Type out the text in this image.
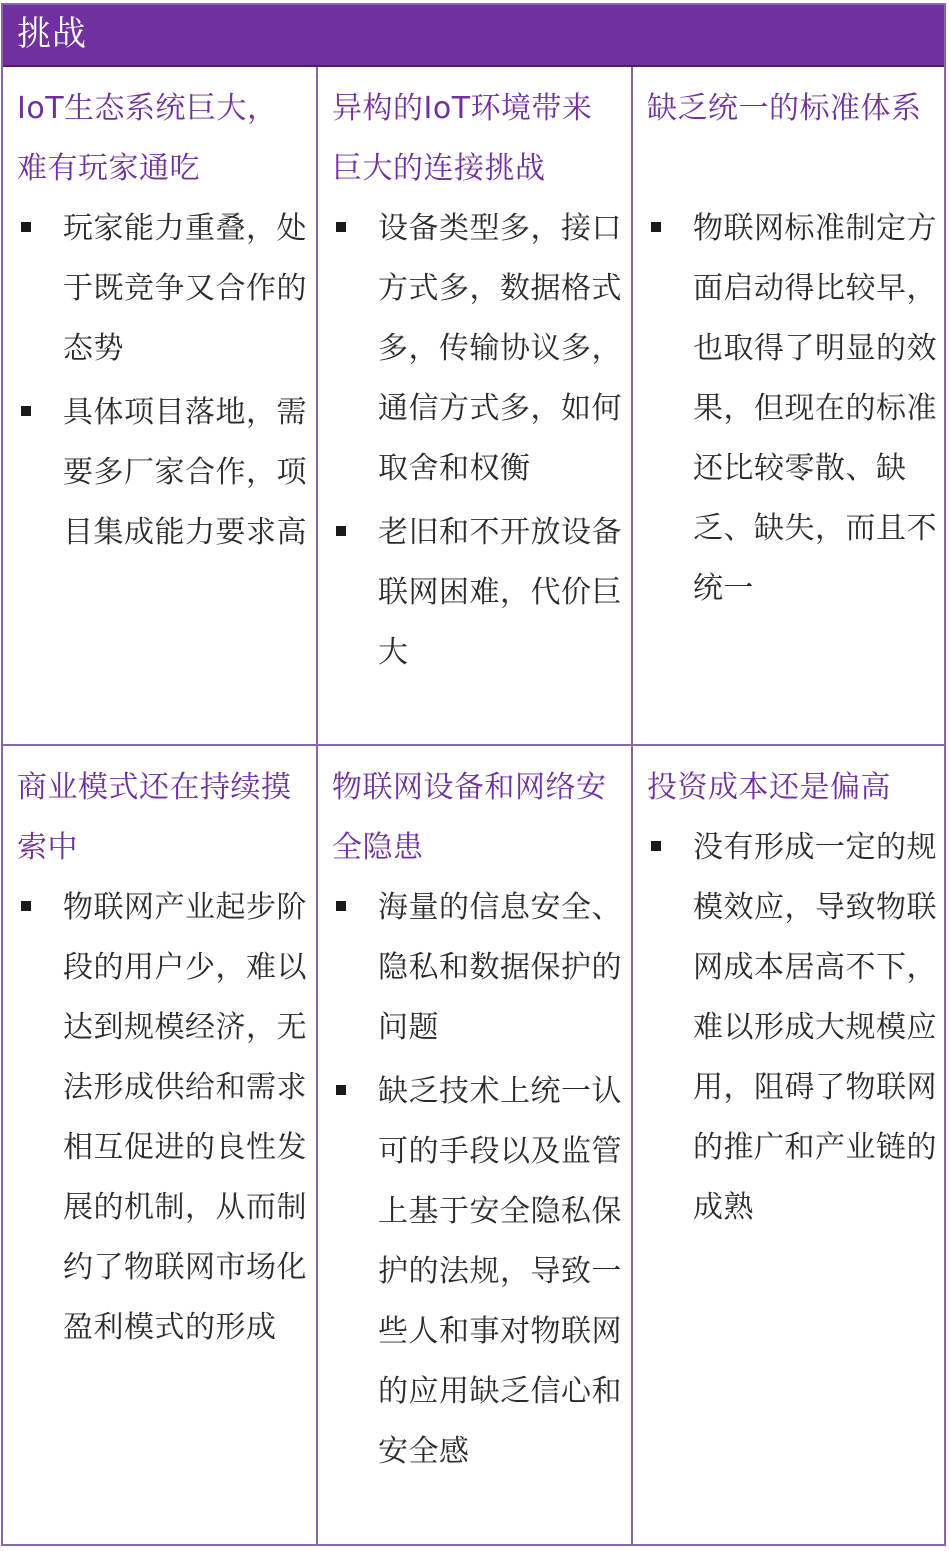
挑战
IoT生态系统巨大，难有玩家通吃
玩家能力重叠，处于既竞争又合作的态势
具体项目落地，需要多厂家合作，项目集成能力要求高
异构的IoT环境带来巨大的连接挑战
设备类型多，接口方式多，数据格式多，传输协议多，通信方式多，如何取舍和权衡
老旧和不开放设备联网困难，代价巨大
缺乏统一的标准体系
物联网标准制定方面启动得比较早，也取得了明显的效果，但现在的标准还比较零散、缺乏、缺失，而且不统一
商业模式还在持续摸索中
物联网产业起步阶段的用户少，难以达到规模经济，无法形成供给和需求相互促进的良性发展的机制，从而制约了物联网市场化盈利模式的形成
物联网设备和网络安全隐患
海量的信息安全、隐私和数据保护的问题
缺乏技术上统一认可的手段以及监管上基于安全隐私保护的法规，导致一些人和事对物联网的应用缺乏信心和安全感
投资成本还是偏高
没有形成一定的规模效应，导致物联网成本居高不下，难以形成大规模应用，阻碍了物联网的推广和产业链的成熟
